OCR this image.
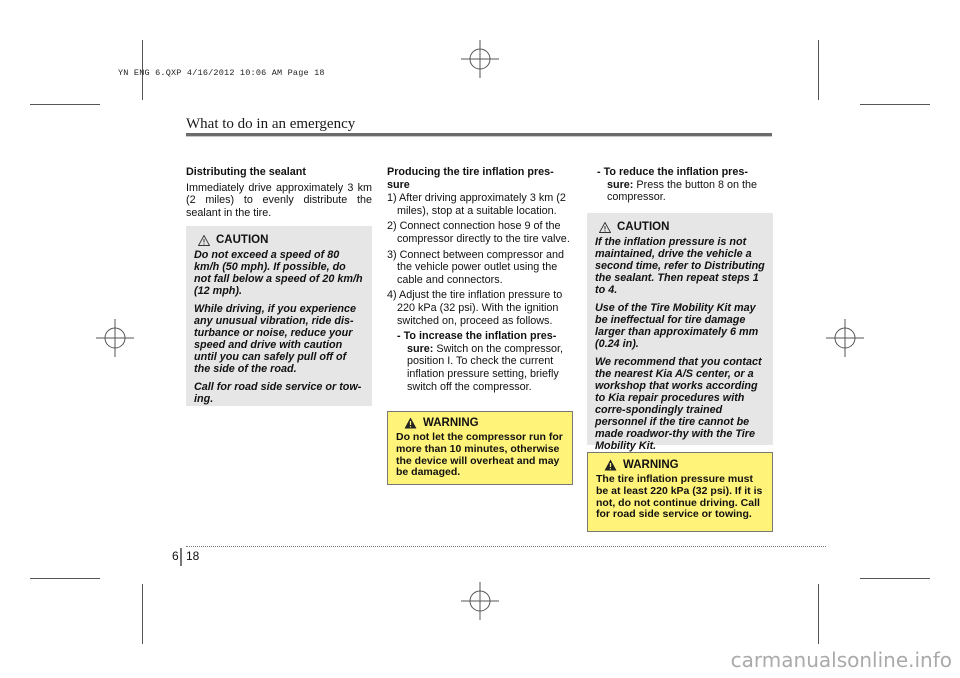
YN ENG 6.QXP 4/16/2012 10:06 AM Page 18
What to do in an emergency

Distributing the sealant

Immediately drive approximately 3 km (2 miles) to evenly distribute the sealant in the tire.

CAUTION

Do not exceed a speed of 80 km/h (50 mph). If possible, do not fall below a speed of 20 km/h (12 mph).

While driving, if you experience any unusual vibration, ride dis-turbance or noise, reduce your speed and drive with caution until you can safely pull off of the side of the road.

Call for road side service or tow-ing.

Producing the tire inflation pres-sure

1) After driving approximately 3 km (2 miles), stop at a suitable location.

2) Connect connection hose 9 of the compressor directly to the tire valve.

3) Connect between compressor and the vehicle power outlet using the cable and connectors.

4) Adjust the tire inflation pressure to 220 kPa (32 psi). With the ignition switched on, proceed as follows.

- To increase the inflation pres-sure: Switch on the compressor, position I. To check the current inflation pressure setting, briefly switch off the compressor.

WARNING

Do not let the compressor run for more than 10 minutes, otherwise the device will overheat and may be damaged.

- To reduce the inflation pres-sure: Press the button 8 on the compressor.

CAUTION

If the inflation pressure is not maintained, drive the vehicle a second time, refer to Distributing the sealant. Then repeat steps 1 to 4.

Use of the Tire Mobility Kit may be ineffectual for tire damage larger than approximately 6 mm (0.24 in).

We recommend that you contact the nearest Kia A/S center, or a workshop that works according to Kia repair procedures with corre-spondingly trained personnel if the tire cannot be made roadwor-thy with the Tire Mobility Kit.

WARNING

The tire inflation pressure must be at least 220 kPa (32 psi). If it is not, do not continue driving. Call for road side service or towing.

6 18
carmanualsonline.info
